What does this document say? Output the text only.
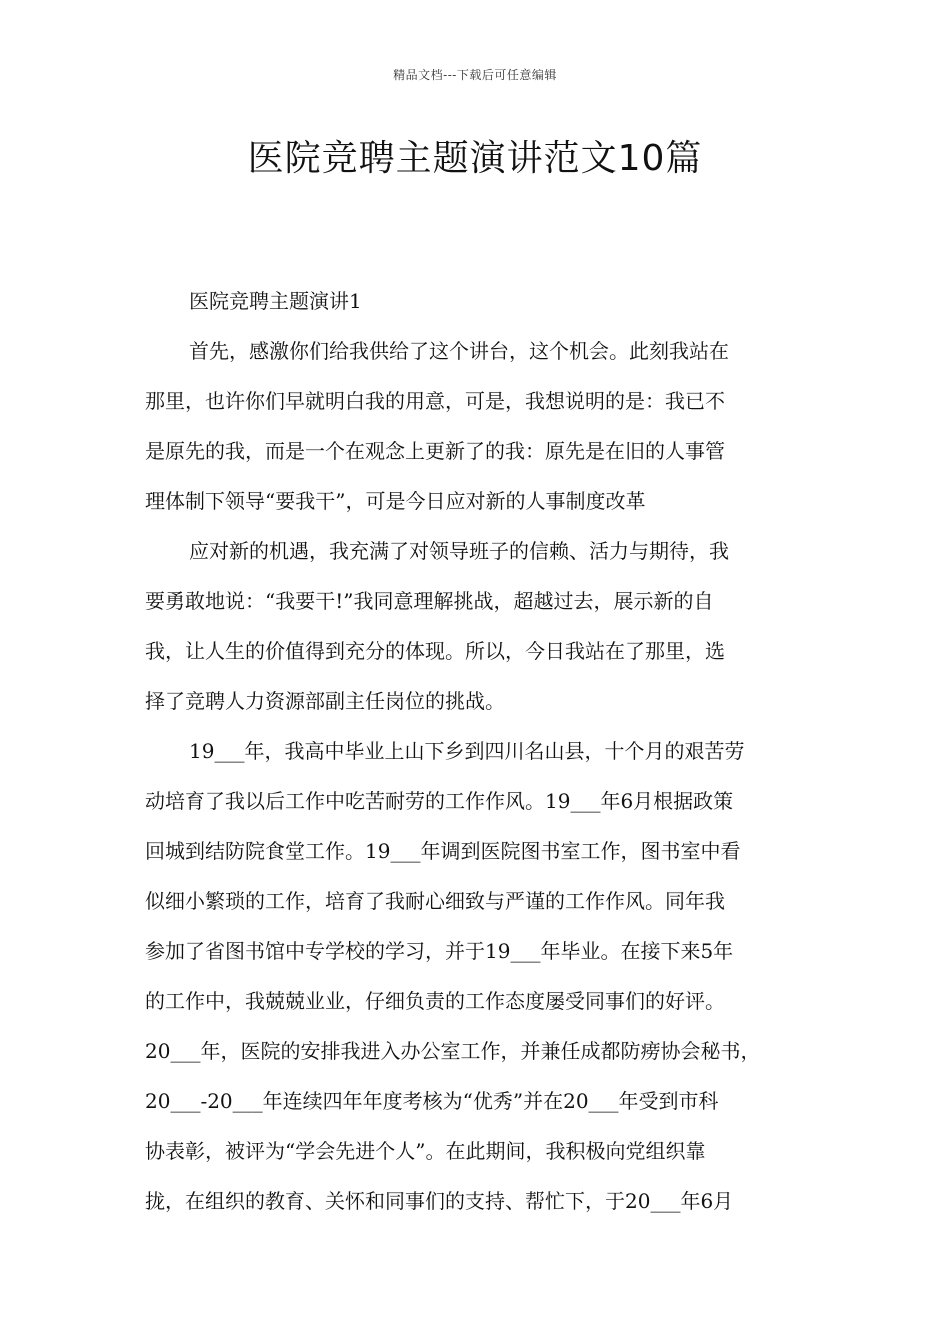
精品文档---下载后可任意编辑
医院竞聘主题演讲范文10篇
医院竞聘主题演讲1
首先，感激你们给我供给了这个讲台，这个机会。此刻我站在
那里，也许你们早就明白我的用意，可是，我想说明的是：我已不
是原先的我，而是一个在观念上更新了的我：原先是在旧的人事管
理体制下领导“要我干”，可是今日应对新的人事制度改革
应对新的机遇，我充满了对领导班子的信赖、活力与期待，我
要勇敢地说：“我要干!”我同意理解挑战，超越过去，展示新的自
我，让人生的价值得到充分的体现。所以，今日我站在了那里，选
择了竞聘人力资源部副主任岗位的挑战。
19___年，我高中毕业上山下乡到四川名山县，十个月的艰苦劳
动培育了我以后工作中吃苦耐劳的工作作风。19___年6月根据政策
回城到结防院食堂工作。19___年调到医院图书室工作，图书室中看
似细小繁琐的工作，培育了我耐心细致与严谨的工作作风。同年我
参加了省图书馆中专学校的学习，并于19___年毕业。在接下来5年
的工作中，我兢兢业业，仔细负责的工作态度屡受同事们的好评。
20___年，医院的安排我进入办公室工作，并兼任成都防痨协会秘书，
20___-20___年连续四年年度考核为“优秀”并在20___年受到市科
协表彰，被评为“学会先进个人”。在此期间，我积极向党组织靠
拢，在组织的教育、关怀和同事们的支持、帮忙下，于20___年6月
